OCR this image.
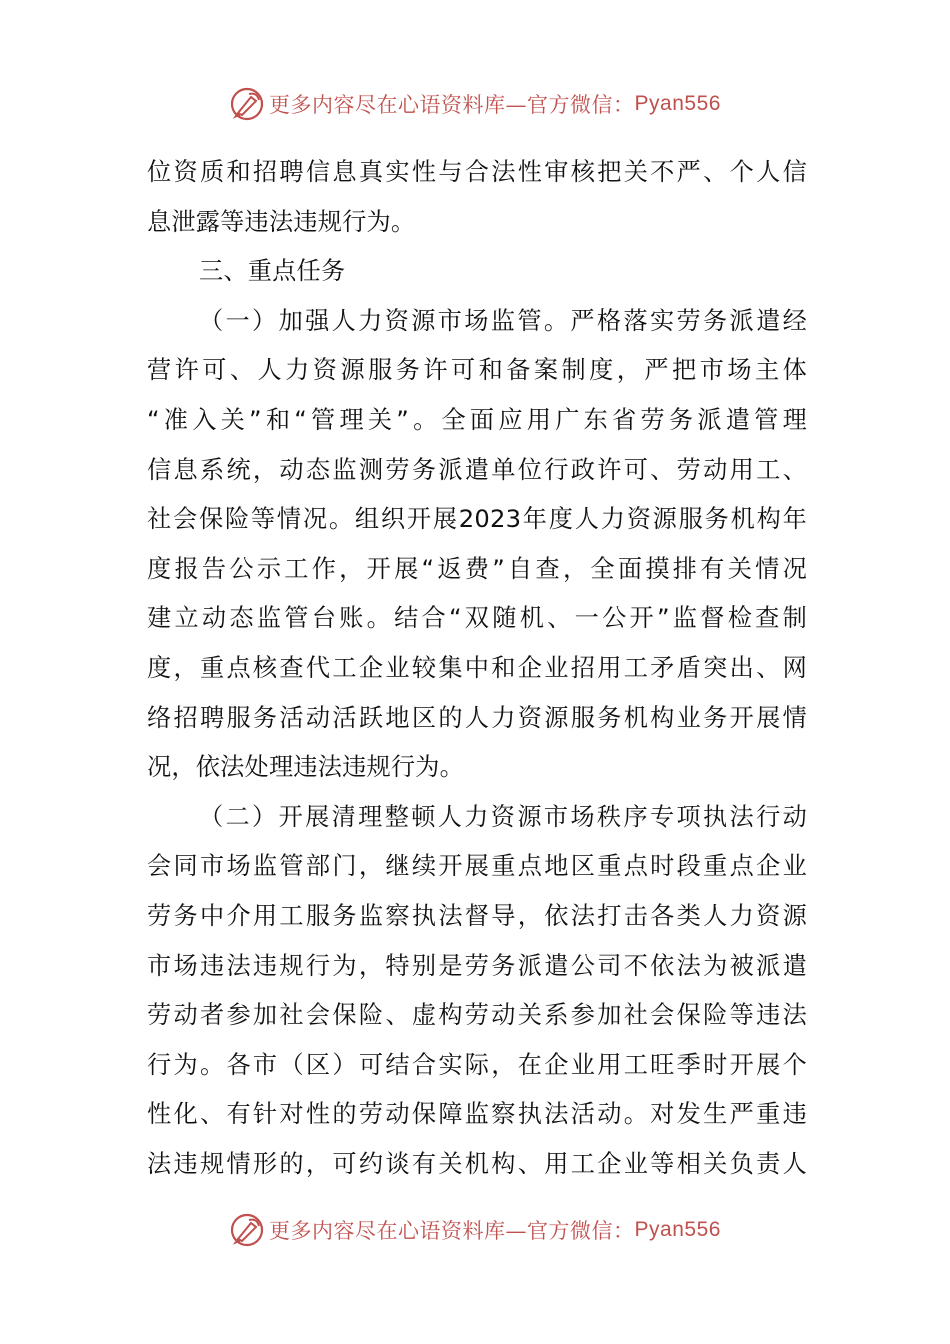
更多内容尽在心语资料库—官方微信： Pyan556
位资质和招聘信息真实性与合法性审核把关不严、个人信
息泄露等违法违规行为。
三、重点任务
（一）加强人力资源市场监管。严格落实劳务派遣经
营许可、人力资源服务许可和备案制度，严把市场主体
“准入关”和“管理关”。全面应用广东省劳务派遣管理
信息系统，动态监测劳务派遣单位行政许可、劳动用工、
社会保险等情况。组织开展2023年度人力资源服务机构年
度报告公示工作，开展“返费”自查，全面摸排有关情况
建立动态监管台账。结合“双随机、一公开”监督检查制
度，重点核查代工企业较集中和企业招用工矛盾突出、网
络招聘服务活动活跃地区的人力资源服务机构业务开展情
况，依法处理违法违规行为。
（二）开展清理整顿人力资源市场秩序专项执法行动
会同市场监管部门，继续开展重点地区重点时段重点企业
劳务中介用工服务监察执法督导，依法打击各类人力资源
市场违法违规行为，特别是劳务派遣公司不依法为被派遣
劳动者参加社会保险、虚构劳动关系参加社会保险等违法
行为。各市（区）可结合实际，在企业用工旺季时开展个
性化、有针对性的劳动保障监察执法活动。对发生严重违
法违规情形的，可约谈有关机构、用工企业等相关负责人
更多内容尽在心语资料库—官方微信： Pyan556
